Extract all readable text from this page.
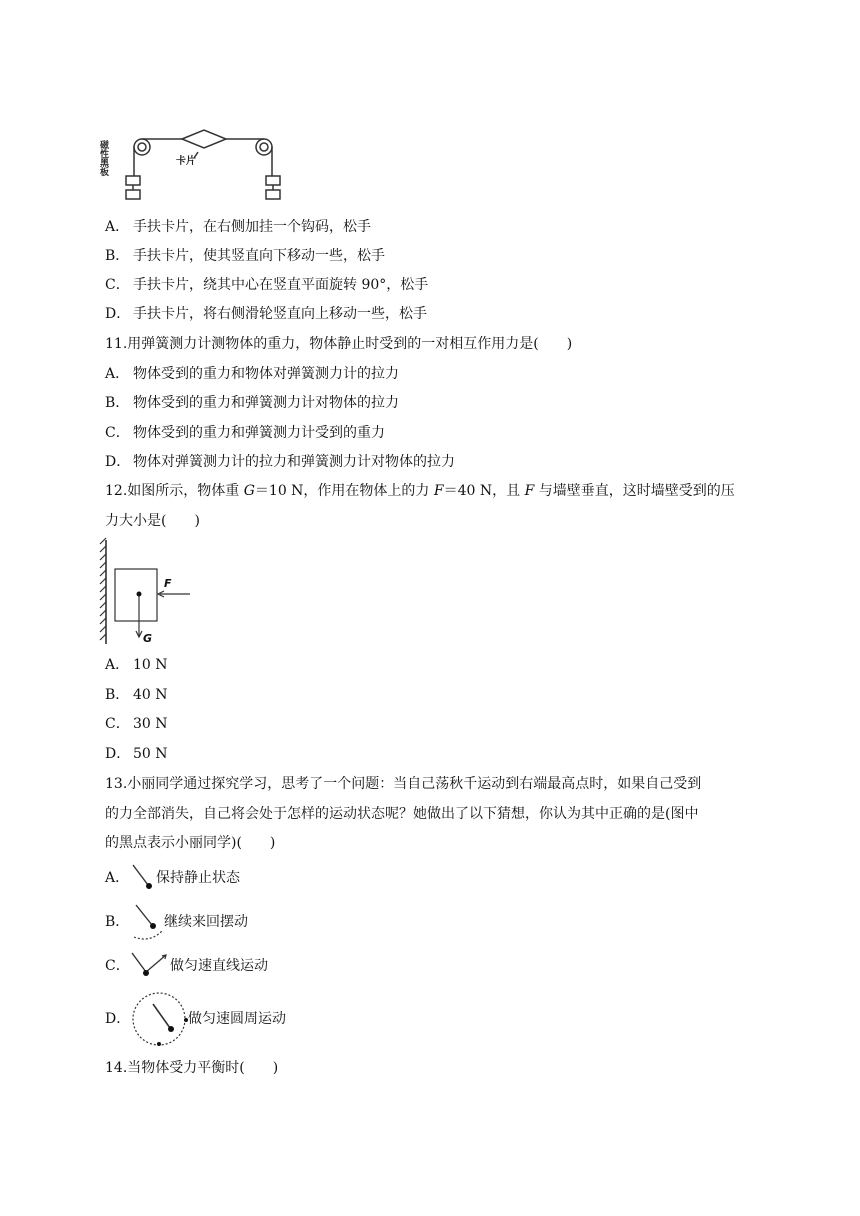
磁性黑板	卡片
A． 手扶卡片，在右侧加挂一个钩码，松手
B． 手扶卡片，使其竖直向下移动一些，松手
C． 手扶卡片，绕其中心在竖直平面旋转 90°，松手
D． 手扶卡片，将右侧滑轮竖直向上移动一些，松手
11.用弹簧测力计测物体的重力，物体静止时受到的一对相互作用力是(　　)
A． 物体受到的重力和物体对弹簧测力计的拉力
B． 物体受到的重力和弹簧测力计对物体的拉力
C． 物体受到的重力和弹簧测力计受到的重力
D． 物体对弹簧测力计的拉力和弹簧测力计对物体的拉力
12.如图所示，物体重 G＝10 N，作用在物体上的力 F＝40 N，且 F 与墙壁垂直，这时墙壁受到的压
力大小是(　　)
F
G
A． 10 N
B． 40 N
C． 30 N
D． 50 N
13.小丽同学通过探究学习，思考了一个问题：当自己荡秋千运动到右端最高点时，如果自己受到
的力全部消失，自己将会处于怎样的运动状态呢？她做出了以下猜想，你认为其中正确的是(图中
的黑点表示小丽同学)(　　)
A． 保持静止状态
B． 继续来回摆动
C．	做匀速直线运动
D．	做匀速圆周运动
14.当物体受力平衡时(　　)
